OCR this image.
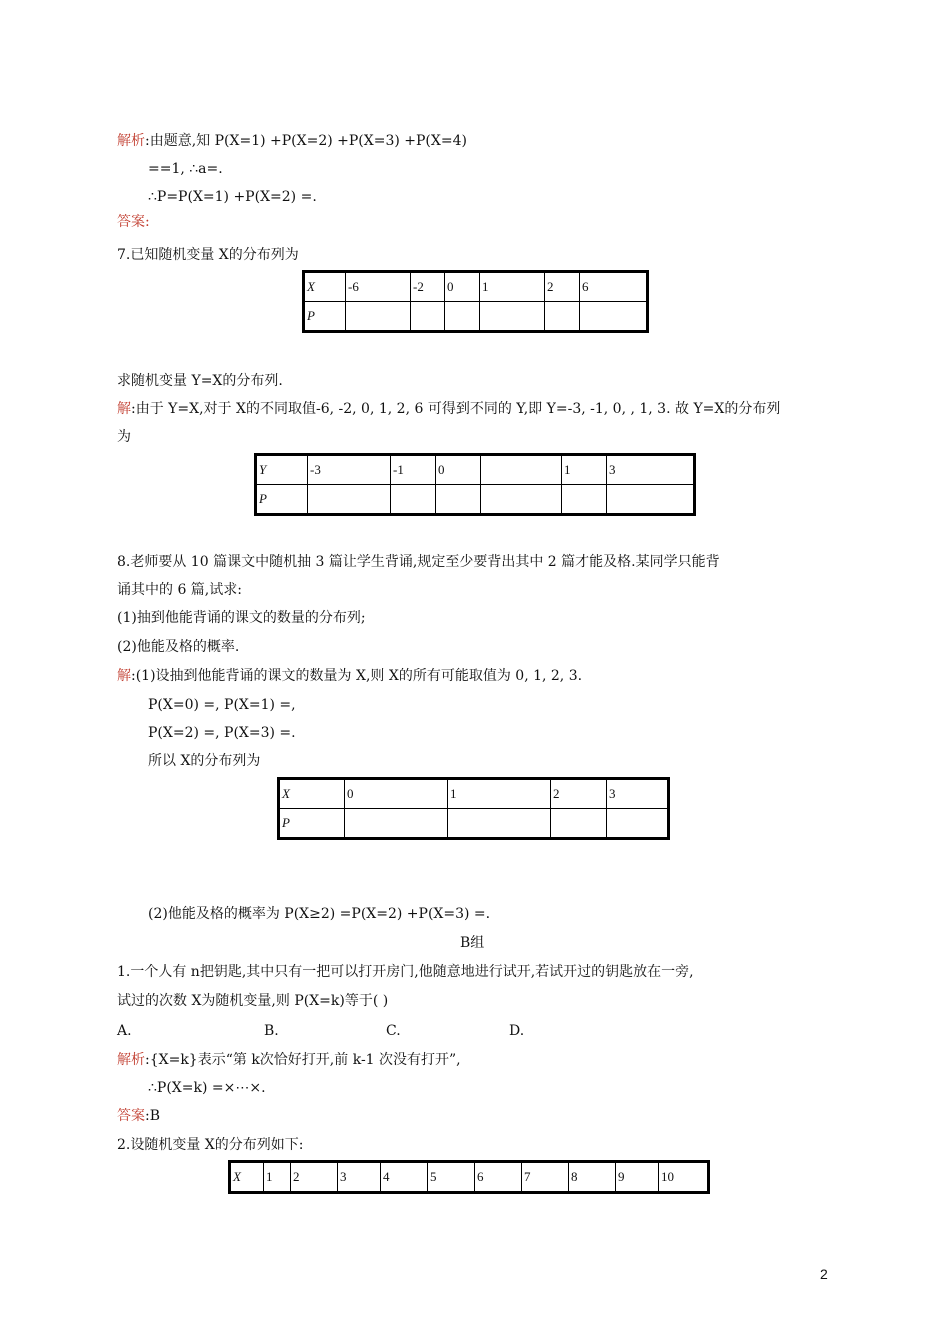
解析:由题意,知 P(X=1) +P(X=2) +P(X=3) +P(X=4)
==1, ∴a=.
∴P=P(X=1) +P(X=2) =.
答案:
7.已知随机变量 X的分布列为
X	-6	-2	0	1	2	6
P						
求随机变量 Y=X的分布列.
解:由于 Y=X,对于 X的不同取值-6, -2, 0, 1, 2, 6 可得到不同的 Y,即 Y=-3, -1, 0, , 1, 3. 故 Y=X的分布列
为
Y	-3	-1	0		1	3
P						
8.老师要从 10 篇课文中随机抽 3 篇让学生背诵,规定至少要背出其中 2 篇才能及格.某同学只能背
诵其中的 6 篇,试求:
(1)抽到他能背诵的课文的数量的分布列;
(2)他能及格的概率.
解:(1)设抽到他能背诵的课文的数量为 X,则 X的所有可能取值为 0, 1, 2, 3.
P(X=0) =, P(X=1) =,
P(X=2) =, P(X=3) =.
所以 X的分布列为
X	0	1	2	3
P				
(2)他能及格的概率为 P(X≥2) =P(X=2) +P(X=3) =.
B组
1.一个人有 n把钥匙,其中只有一把可以打开房门,他随意地进行试开,若试开过的钥匙放在一旁,
试过的次数 X为随机变量,则 P(X=k)等于( )
A.	B.	C.	D.
解析:{X=k}表示“第 k次恰好打开,前 k-1 次没有打开”,
∴P(X=k) =×⋯×.
答案:B
2.设随机变量 X的分布列如下:
X	1	2	3	4	5	6	7	8	9	10
2
